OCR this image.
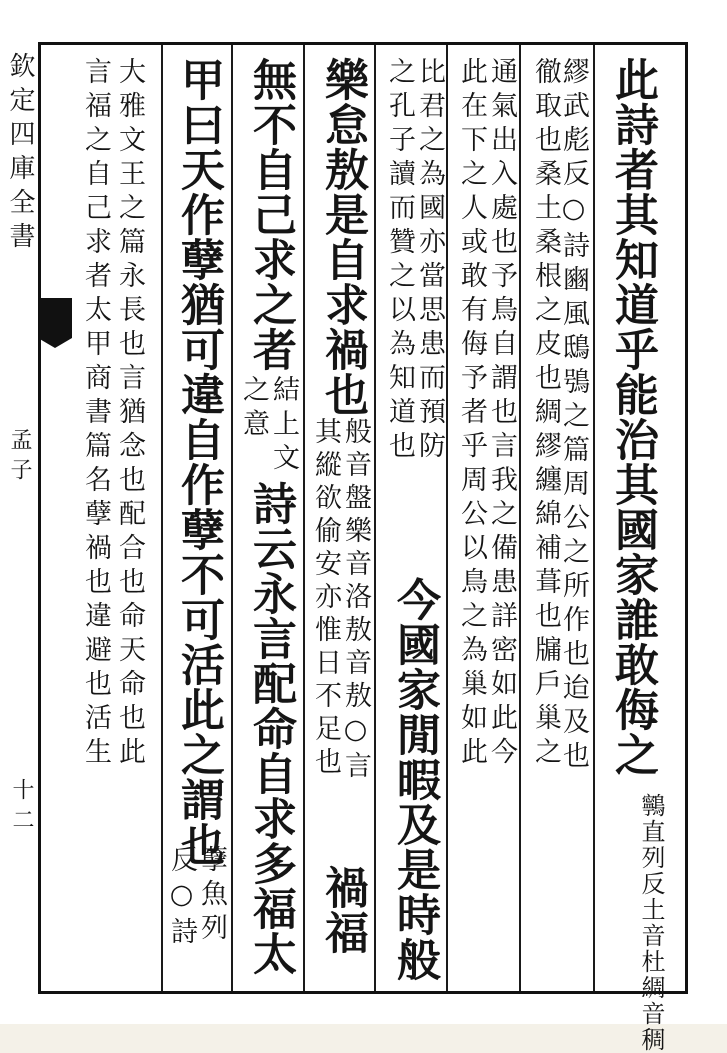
欽定四庫全書
孟子
十二
此詩者其知道乎能治其國家誰敢侮之
鸋直列反土音杜綢音稠
繆武彪反○詩豳風鴟鴞之篇周公之所作也迨及也
徹取也桑土桑根之皮也綢繆纏綿補葺也牖戶巢之
通氣出入處也予鳥自謂也言我之備患詳密如此今
此在下之人或敢有侮予者乎周公以鳥之為巢如此
比君之為國亦當思患而預防
之孔子讀而贊之以為知道也
今國家閒暇及是時般
樂怠敖是自求禍也
般音盤樂音洛敖音敖○言
其縱欲偷安亦惟日不足也
禍福
無不自己求之者
結上文
之意
詩云永言配命自求多福太
甲曰天作孽猶可違自作孽不可活此之謂也
孽魚列
反○詩
大雅文王之篇永長也言猶念也配合也命天命也此
言福之自己求者太甲商書篇名孽禍也違避也活生
